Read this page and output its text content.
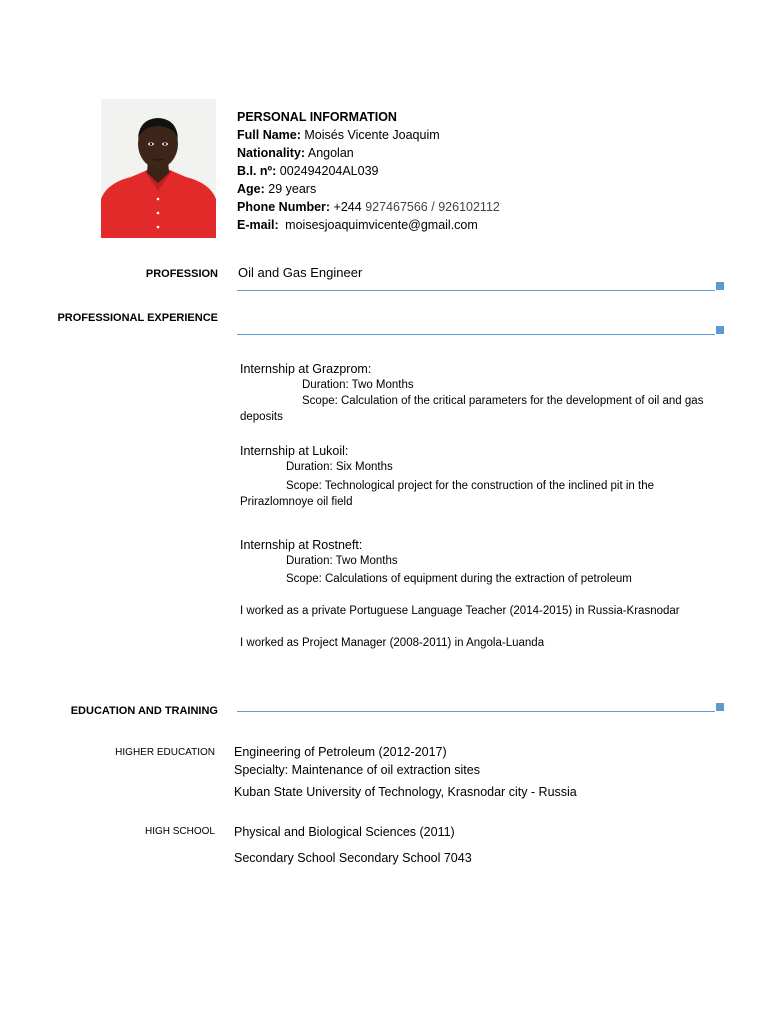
PERSONAL INFORMATION
Full Name: Moisés Vicente Joaquim
Nationality: Angolan
B.I. nº: 002494204AL039
Age: 29 years
Phone Number: +244 927467566 / 926102112
E-mail: moisesjoaquimvicente@gmail.com
PROFESSION Oil and Gas Engineer
PROFESSIONAL EXPERIENCE
Internship at Grazprom:
Duration: Two Months
Scope: Calculation of the critical parameters for the development of oil and gas deposits
Internship at Lukoil:
Duration: Six Months
Scope: Technological project for the construction of the inclined pit in the Prirazlomnoye oil field
Internship at Rostneft:
Duration: Two Months
Scope: Calculations of equipment during the extraction of petroleum
I worked as a private Portuguese Language Teacher (2014-2015) in Russia-Krasnodar
I worked as Project Manager (2008-2011) in Angola-Luanda
EDUCATION AND TRAINING
HIGHER EDUCATION Engineering of Petroleum (2012-2017)
Specialty: Maintenance of oil extraction sites
Kuban State University of Technology, Krasnodar city - Russia
HIGH SCHOOL Physical and Biological Sciences (2011)
Secondary School Secondary School 7043
